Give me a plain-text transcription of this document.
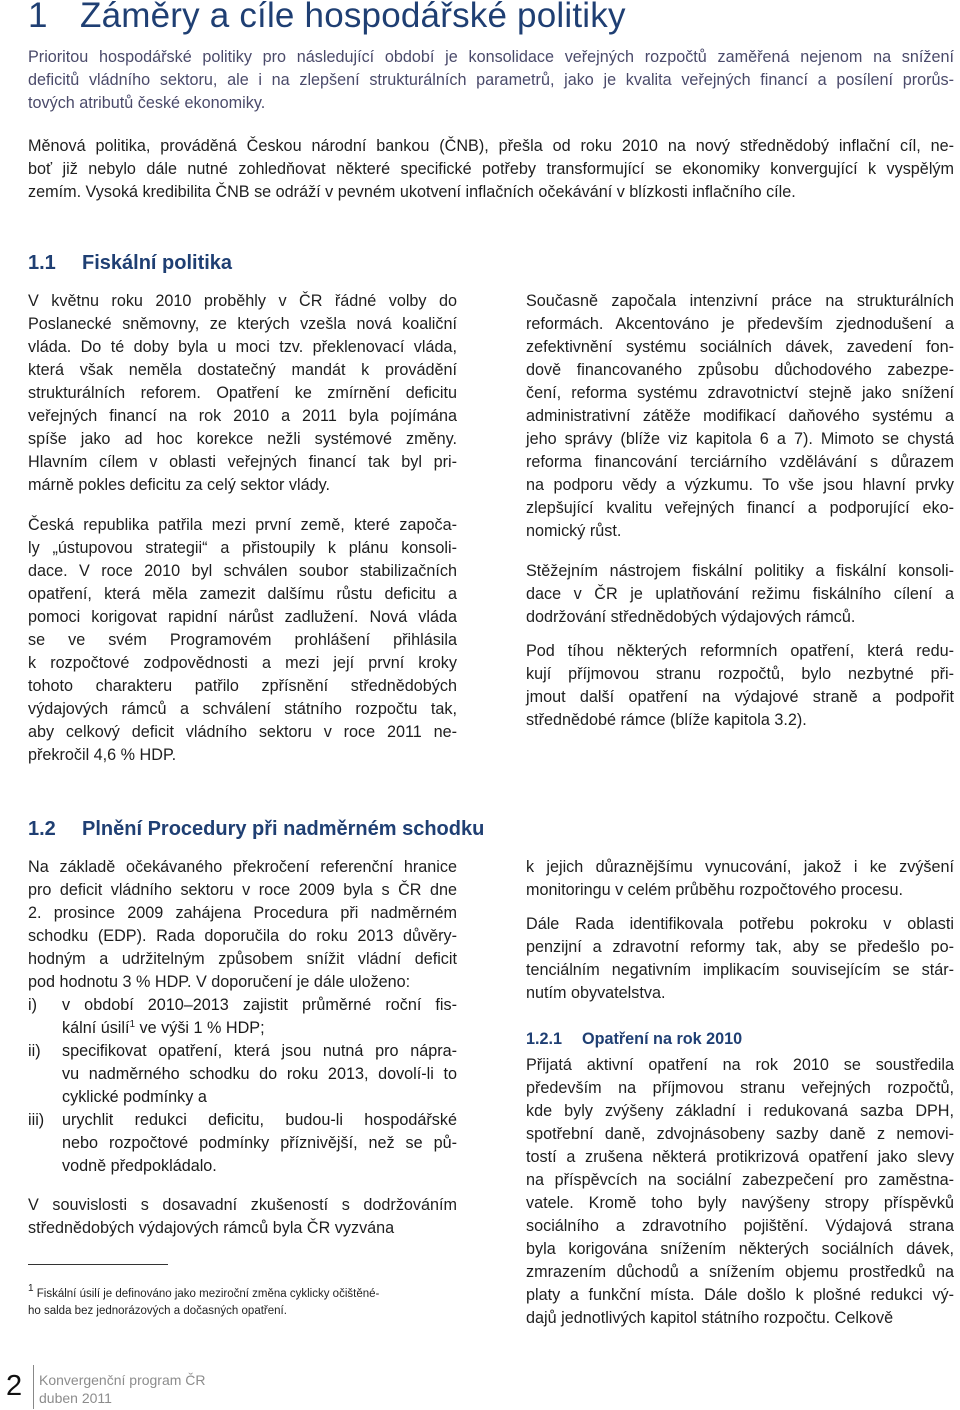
1 Záměry a cíle hospodářské politiky
Prioritou hospodářské politiky pro následující období je konsolidace veřejných rozpočtů zaměřená nejenom na snížení
deficitů vládního sektoru, ale i na zlepšení strukturálních parametrů, jako je kvalita veřejných financí a posílení prorůs-
tových atributů české ekonomiky.
Měnová politika, prováděná Českou národní bankou (ČNB), přešla od roku 2010 na nový střednědobý inflační cíl, ne-
boť již nebylo dále nutné zohledňovat některé specifické potřeby transformující se ekonomiky konvergující k vyspělým
zemím. Vysoká kredibilita ČNB se odráží v pevném ukotvení inflačních očekávání v blízkosti inflačního cíle.
1.1 Fiskální politika
V květnu roku 2010 proběhly v ČR řádné volby do
Poslanecké sněmovny, ze kterých vzešla nová koaliční
vláda. Do té doby byla u moci tzv. překlenovací vláda,
která však neměla dostatečný mandát k provádění
strukturálních reforem. Opatření ke zmírnění deficitu
veřejných financí na rok 2010 a 2011 byla pojímána
spíše jako ad hoc korekce nežli systémové změny.
Hlavním cílem v oblasti veřejných financí tak byl pri-
márně pokles deficitu za celý sektor vlády.
Česká republika patřila mezi první země, které započa-
ly „ústupovou strategii“ a přistoupily k plánu konsoli-
dace. V roce 2010 byl schválen soubor stabilizačních
opatření, která měla zamezit dalšímu růstu deficitu a
pomoci korigovat rapidní nárůst zadlužení. Nová vláda
se ve svém Programovém prohlášení přihlásila
k rozpočtové zodpovědnosti a mezi její první kroky
tohoto charakteru patřilo zpřísnění střednědobých
výdajových rámců a schválení státního rozpočtu tak,
aby celkový deficit vládního sektoru v roce 2011 ne-
překročil 4,6 % HDP.
Současně započala intenzivní práce na strukturálních
reformách. Akcentováno je především zjednodušení a
zefektivnění systému sociálních dávek, zavedení fon-
dově financovaného způsobu důchodového zabezpe-
čení, reforma systému zdravotnictví stejně jako snížení
administrativní zátěže modifikací daňového systému a
jeho správy (blíže viz kapitola 6 a 7). Mimoto se chystá
reforma financování terciárního vzdělávání s důrazem
na podporu vědy a výzkumu. To vše jsou hlavní prvky
zlepšující kvalitu veřejných financí a podporující eko-
nomický růst.
Stěžejním nástrojem fiskální politiky a fiskální konsoli-
dace v ČR je uplatňování režimu fiskálního cílení a
dodržování střednědobých výdajových rámců.
Pod tíhou některých reformních opatření, která redu-
kují příjmovou stranu rozpočtů, bylo nezbytné při-
jmout další opatření na výdajové straně a podpořit
střednědobé rámce (blíže kapitola 3.2).
1.2 Plnění Procedury při nadměrném schodku
Na základě očekávaného překročení referenční hranice
pro deficit vládního sektoru v roce 2009 byla s ČR dne
2. prosince 2009 zahájena Procedura při nadměrném
schodku (EDP). Rada doporučila do roku 2013 důvěry-
hodným a udržitelným způsobem snížit vládní deficit
pod hodnotu 3 % HDP. V doporučení je dále uloženo:
i) v období 2010–2013 zajistit průměrné roční fis-
kální úsilí$^1$ ve výši 1 % HDP;
ii) specifikovat opatření, která jsou nutná pro nápra-
vu nadměrného schodku do roku 2013, dovolí-li to
cyklické podmínky a
iii) urychlit redukci deficitu, budou-li hospodářské
nebo rozpočtové podmínky příznivější, než se pů-
vodně předpokládalo.
V souvislosti s dosavadní zkušeností s dodržováním
střednědobých výdajových rámců byla ČR vyzvána
k jejich důraznějšímu vynucování, jakož i ke zvýšení
monitoringu v celém průběhu rozpočtového procesu.
Dále Rada identifikovala potřebu pokroku v oblasti
penzijní a zdravotní reformy tak, aby se předešlo po-
tenciálním negativním implikacím souvisejícím se stár-
nutím obyvatelstva.
1.2.1 Opatření na rok 2010
Přijatá aktivní opatření na rok 2010 se soustředila
především na příjmovou stranu veřejných rozpočtů,
kde byly zvýšeny základní i redukovaná sazba DPH,
spotřební daně, zdvojnásobeny sazby daně z nemovi-
tostí a zrušena některá protikrizová opatření jako slevy
na příspěvcích na sociální zabezpečení pro zaměstna-
vatele. Kromě toho byly navýšeny stropy příspěvků
sociálního a zdravotního pojištění. Výdajová strana
byla korigována snížením některých sociálních dávek,
zmrazením důchodů a snížením objemu prostředků na
platy a funkční místa. Dále došlo k plošné redukci vý-
dajů jednotlivých kapitol státního rozpočtu. Celkově
$^1$ Fiskální úsilí je definováno jako meziroční změna cyklicky očištěné-
ho salda bez jednorázových a dočasných opatření.
2 Konvergenční program ČR
duben 2011
